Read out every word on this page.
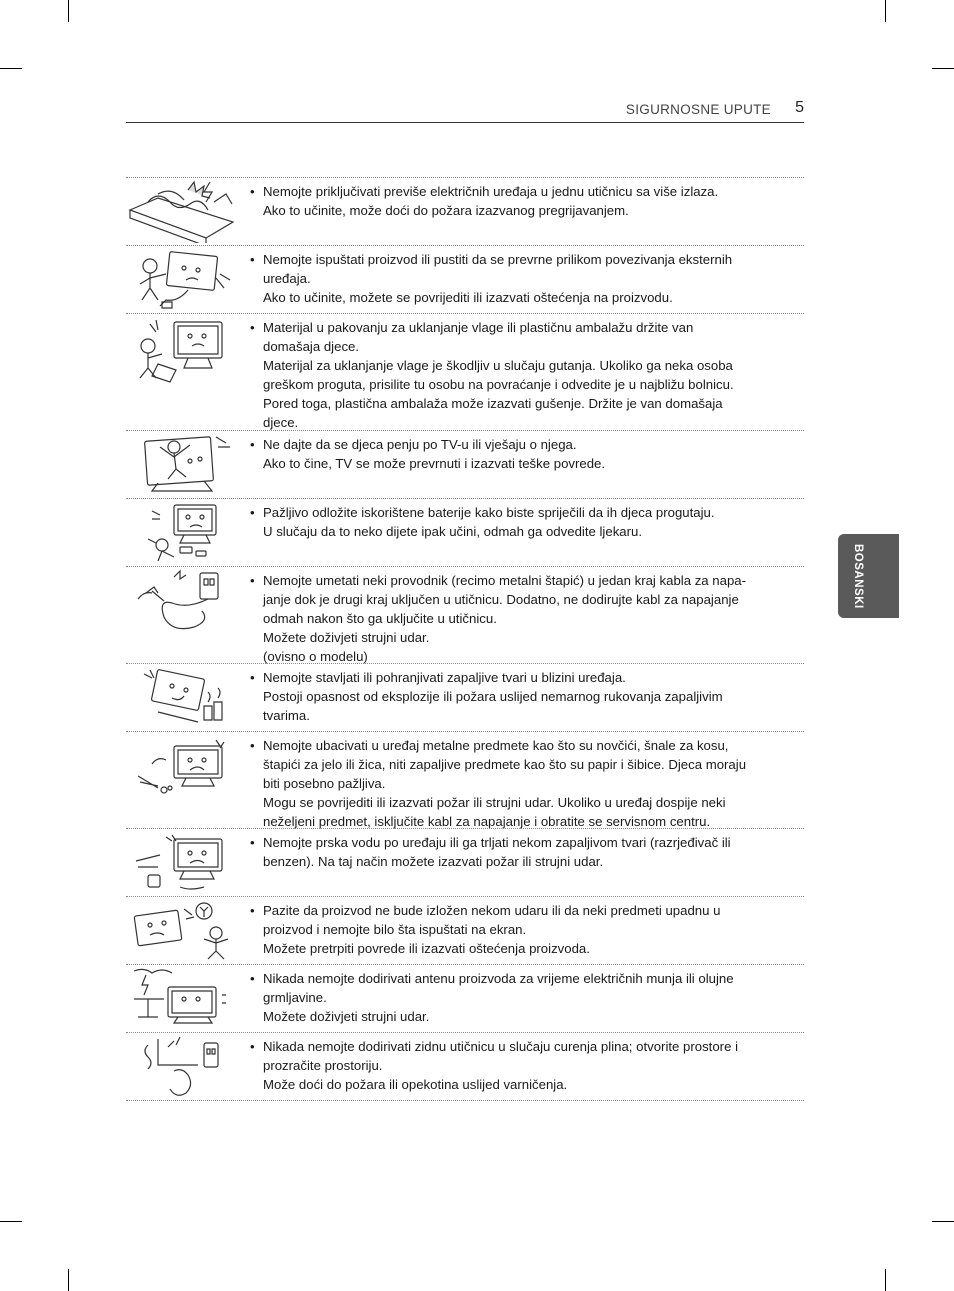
SIGURNOSNE UPUTE 5
BOSANSKI
• Nemojte priključivati previše električnih uređaja u jednu utičnicu sa više izlaza.
Ako to učinite, može doći do požara izazvanog pregrijavanjem.
• Nemojte ispuštati proizvod ili pustiti da se prevrne prilikom povezivanja eksternih
uređaja.
Ako to učinite, možete se povrijediti ili izazvati oštećenja na proizvodu.
• Materijal u pakovanju za uklanjanje vlage ili plastičnu ambalažu držite van
domašaja djece.
Materijal za uklanjanje vlage je škodljiv u slučaju gutanja. Ukoliko ga neka osoba
greškom proguta, prisilite tu osobu na povraćanje i odvedite je u najbližu bolnicu.
Pored toga, plastična ambalaža može izazvati gušenje. Držite je van domašaja
djece.
• Ne dajte da se djeca penju po TV-u ili vješaju o njega.
Ako to čine, TV se može prevrnuti i izazvati teške povrede.
• Pažljivo odložite iskorištene baterije kako biste spriječili da ih djeca progutaju.
U slučaju da to neko dijete ipak učini, odmah ga odvedite ljekaru.
• Nemojte umetati neki provodnik (recimo metalni štapić) u jedan kraj kabla za napa-
janje dok je drugi kraj uključen u utičnicu. Dodatno, ne dodirujte kabl za napajanje
odmah nakon što ga uključite u utičnicu.
Možete doživjeti strujni udar.
(ovisno o modelu)
• Nemojte stavljati ili pohranjivati zapaljive tvari u blizini uređaja.
Postoji opasnost od eksplozije ili požara uslijed nemarnog rukovanja zapaljivim
tvarima.
• Nemojte ubacivati u uređaj metalne predmete kao što su novčići, šnale za kosu,
štapići za jelo ili žica, niti zapaljive predmete kao što su papir i šibice. Djeca moraju
biti posebno pažljiva.
Mogu se povrijediti ili izazvati požar ili strujni udar. Ukoliko u uređaj dospije neki
neželjeni predmet, isključite kabl za napajanje i obratite se servisnom centru.
• Nemojte prska vodu po uređaju ili ga trljati nekom zapaljivom tvari (razrjeđivač ili
benzen). Na taj način možete izazvati požar ili strujni udar.
• Pazite da proizvod ne bude izložen nekom udaru ili da neki predmeti upadnu u
proizvod i nemojte bilo šta ispuštati na ekran.
Možete pretrpiti povrede ili izazvati oštećenja proizvoda.
• Nikada nemojte dodirivati antenu proizvoda za vrijeme električnih munja ili olujne
grmljavine.
Možete doživjeti strujni udar.
• Nikada nemojte dodirivati zidnu utičnicu u slučaju curenja plina; otvorite prostore i
prozračite prostoriju.
Može doći do požara ili opekotina uslijed varničenja.
